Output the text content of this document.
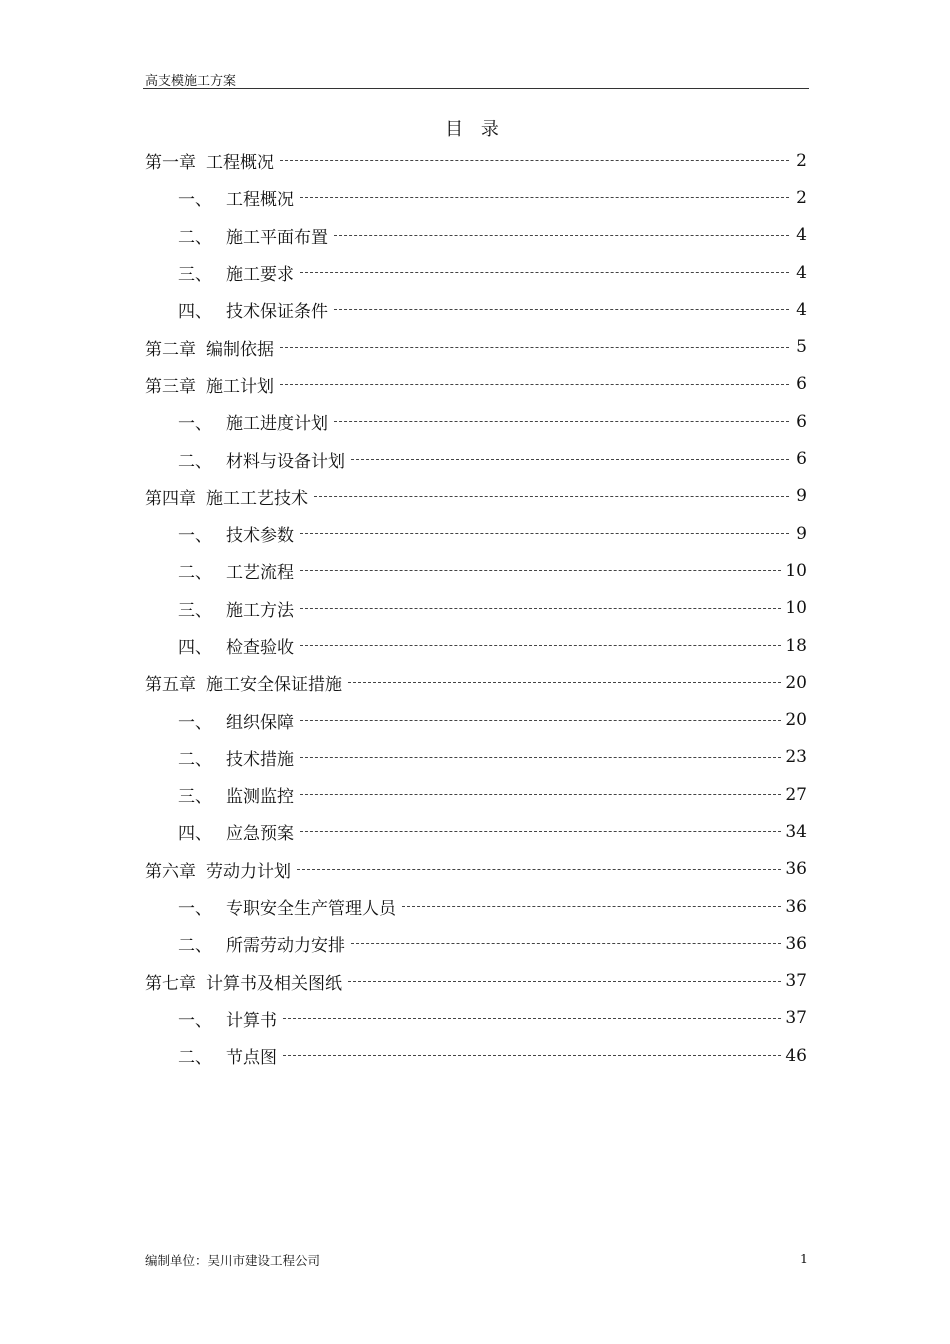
高支模施工方案
目 录
第一章 工程概况	2
一、 工程概况	2
二、 施工平面布置	4
三、 施工要求	4
四、 技术保证条件	4
第二章 编制依据	5
第三章 施工计划	6
一、 施工进度计划	6
二、 材料与设备计划	6
第四章 施工工艺技术	9
一、 技术参数	9
二、 工艺流程	10
三、 施工方法	10
四、 检查验收	18
第五章 施工安全保证措施	20
一、 组织保障	20
二、 技术措施	23
三、 监测监控	27
四、 应急预案	34
第六章 劳动力计划	36
一、 专职安全生产管理人员	36
二、 所需劳动力安排	36
第七章 计算书及相关图纸	37
一、 计算书	37
二、 节点图	46
编制单位：吴川市建设工程公司	1
